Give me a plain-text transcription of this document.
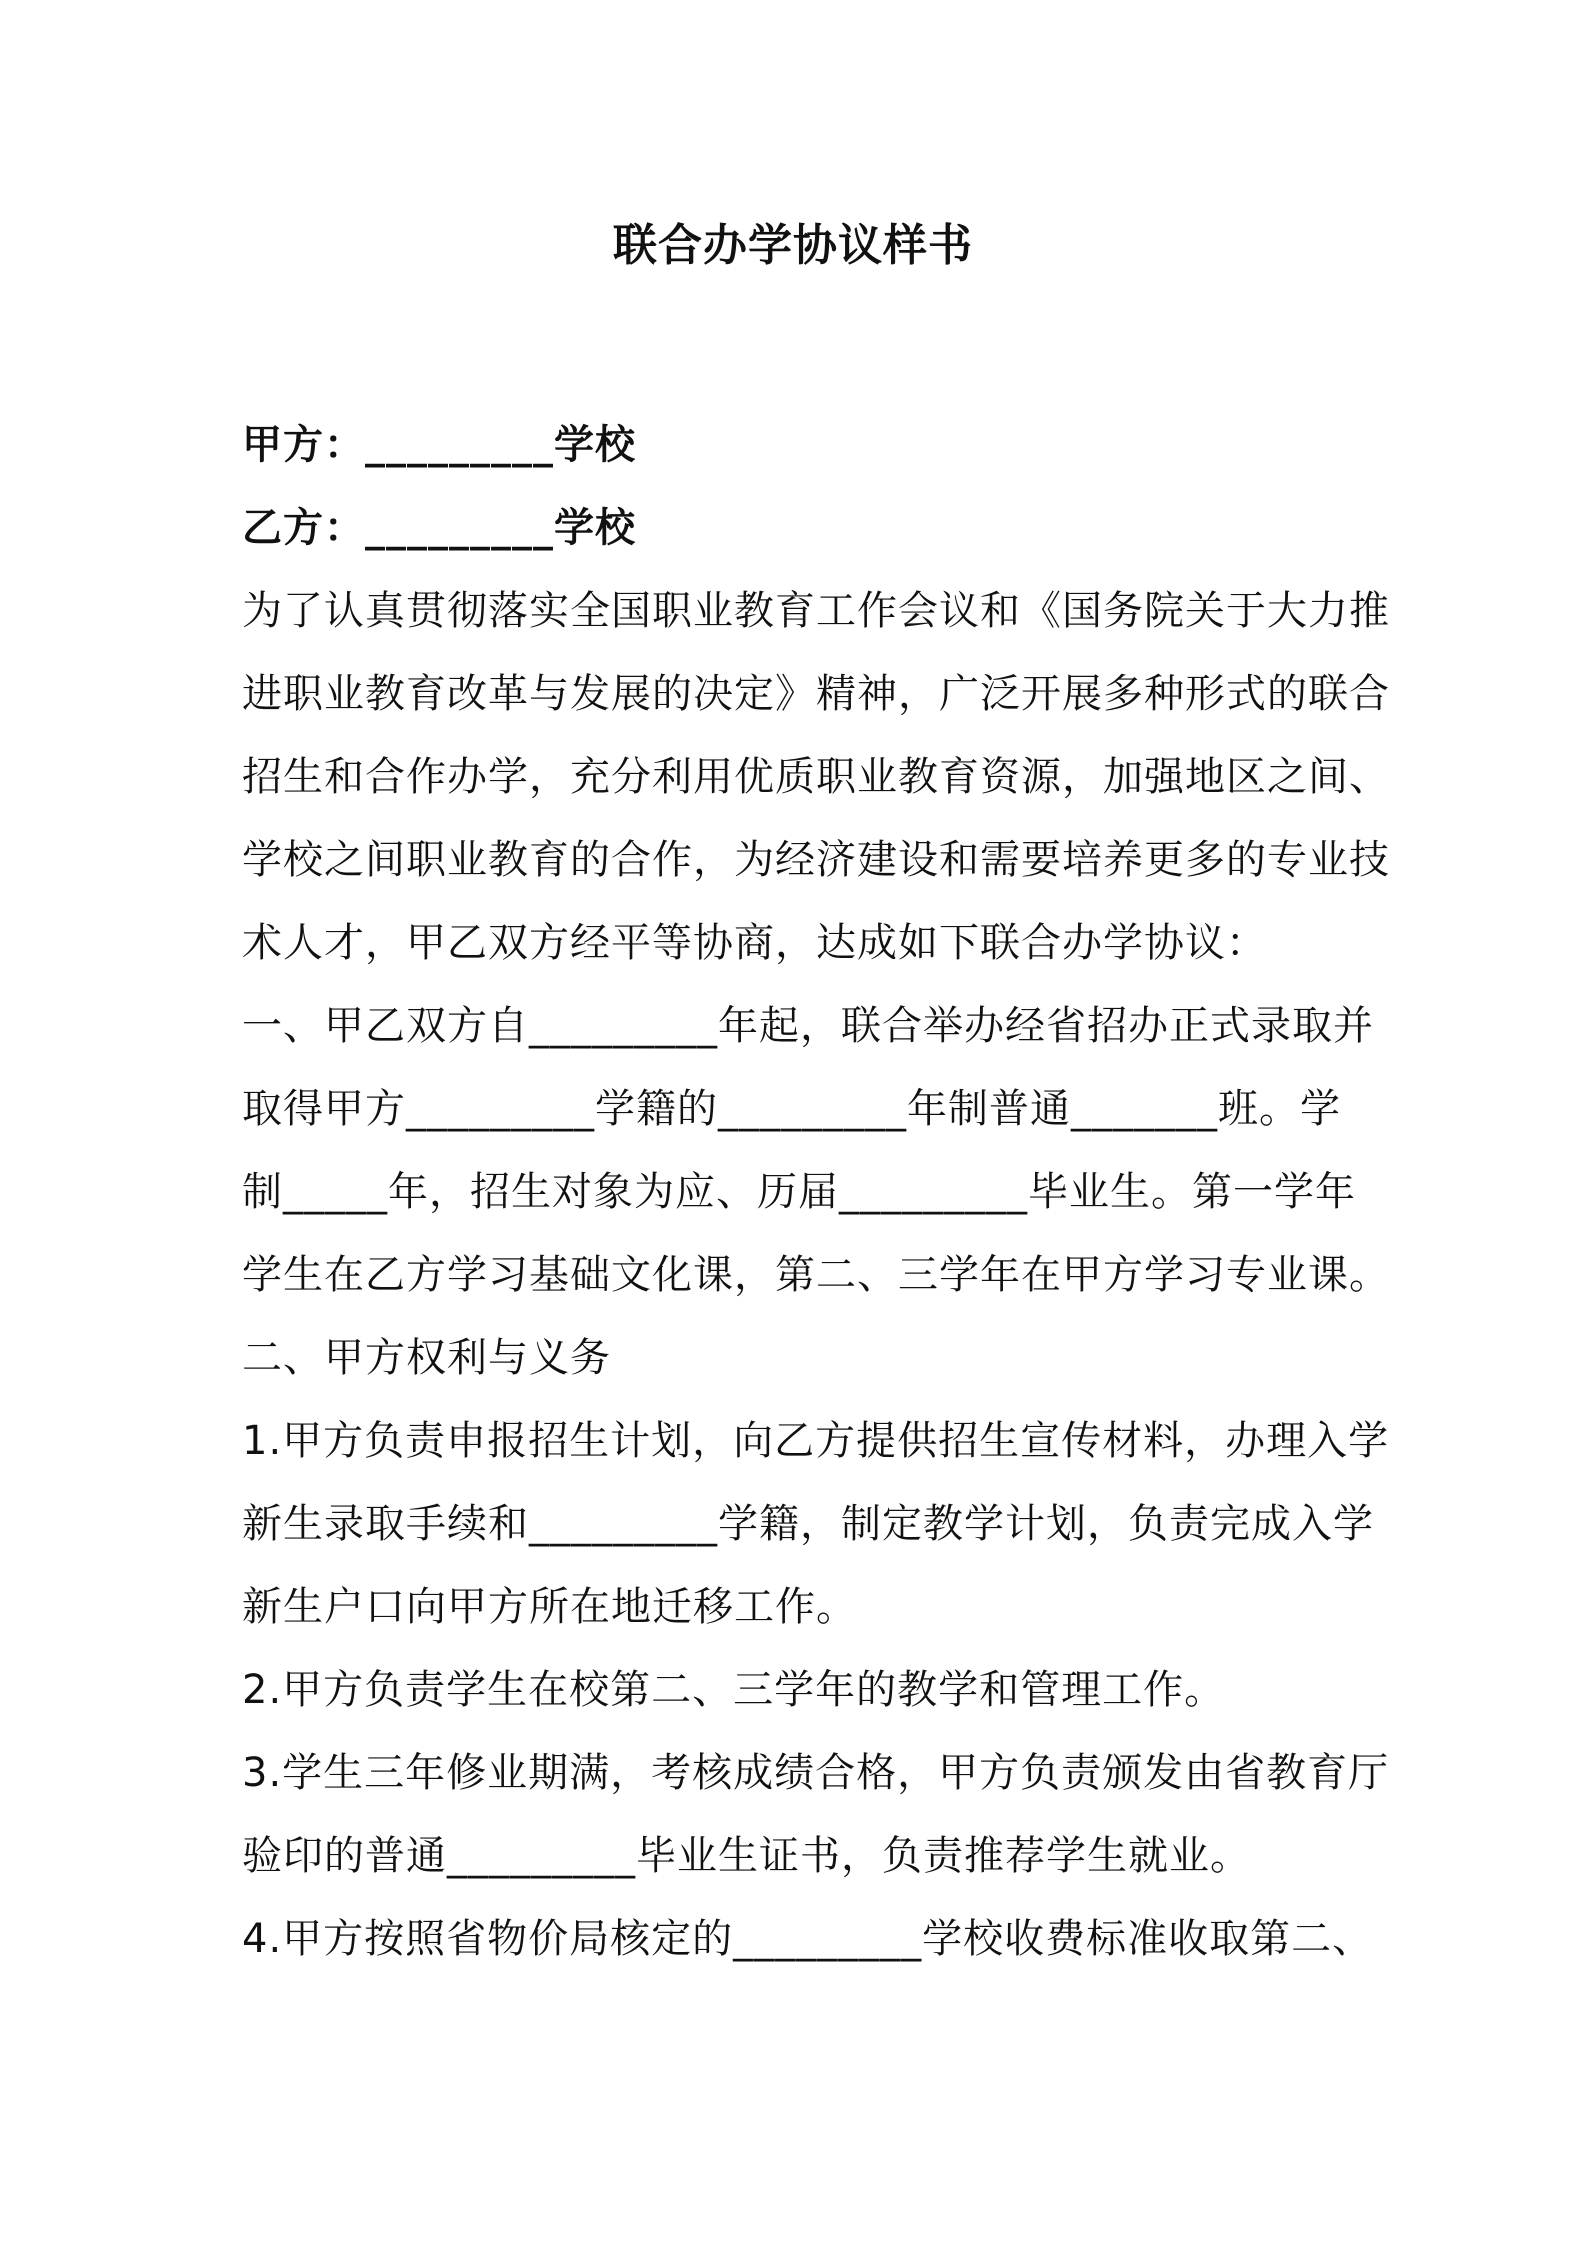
联合办学协议样书
甲方：_________学校
乙方：_________学校
为了认真贯彻落实全国职业教育工作会议和《国务院关于大力推
进职业教育改革与发展的决定》精神，广泛开展多种形式的联合
招生和合作办学，充分利用优质职业教育资源，加强地区之间、
学校之间职业教育的合作，为经济建设和需要培养更多的专业技
术人才，甲乙双方经平等协商，达成如下联合办学协议：
一、甲乙双方自_________年起，联合举办经省招办正式录取并
取得甲方_________学籍的_________年制普通_______班。学
制_____年，招生对象为应、历届_________毕业生。第一学年
学生在乙方学习基础文化课，第二、三学年在甲方学习专业课。
二、甲方权利与义务
1.甲方负责申报招生计划，向乙方提供招生宣传材料，办理入学
新生录取手续和_________学籍，制定教学计划，负责完成入学
新生户口向甲方所在地迁移工作。
2.甲方负责学生在校第二、三学年的教学和管理工作。
3.学生三年修业期满，考核成绩合格，甲方负责颁发由省教育厅
验印的普通_________毕业生证书，负责推荐学生就业。
4.甲方按照省物价局核定的_________学校收费标准收取第二、
